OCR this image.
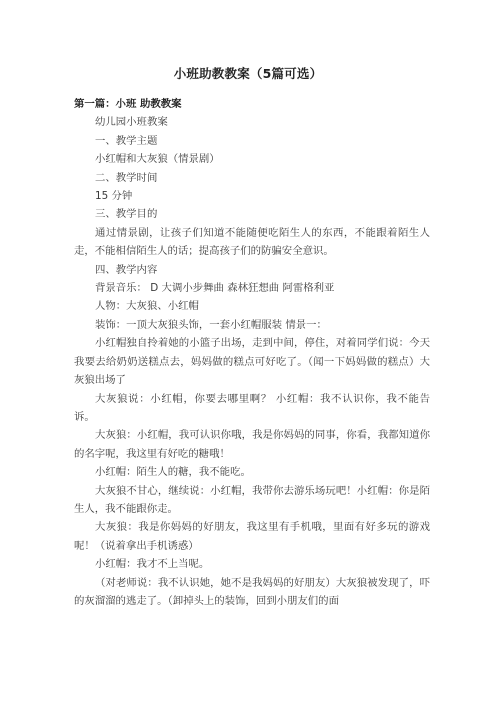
小班助教教案（5篇可选）

第一篇：小班 助教教案

幼儿园小班教案

一、教学主题

小红帽和大灰狼（情景剧）

二、教学时间

15 分钟

三、教学目的

通过情景剧，让孩子们知道不能随便吃陌生人的东西，不能跟着陌生人走，不能相信陌生人的话；提高孩子们的防骗安全意识。

四、教学内容

背景音乐： D 大调小步舞曲 森林狂想曲 阿雷格利亚

人物：大灰狼、小红帽

装饰：一顶大灰狼头饰，一套小红帽服装 情景一：

小红帽独自拎着她的小篮子出场，走到中间，停住，对着同学们说：今天我要去给奶奶送糕点去，妈妈做的糕点可好吃了。（闻一下妈妈做的糕点）大灰狼出场了

大灰狼说：小红帽，你要去哪里啊？ 小红帽：我不认识你，我不能告诉。

大灰狼：小红帽，我可认识你哦，我是你妈妈的同事，你看，我都知道你的名字呢，我这里有好吃的糖哦！

小红帽：陌生人的糖，我不能吃。

大灰狼不甘心，继续说：小红帽，我带你去游乐场玩吧！小红帽：你是陌生人，我不能跟你走。

大灰狼：我是你妈妈的好朋友，我这里有手机哦，里面有好多玩的游戏呢！（说着拿出手机诱惑）

小红帽：我才不上当呢。

（对老师说：我不认识她，她不是我妈妈的好朋友）大灰狼被发现了，吓的灰溜溜的逃走了。（卸掉头上的装饰，回到小朋友们的面
